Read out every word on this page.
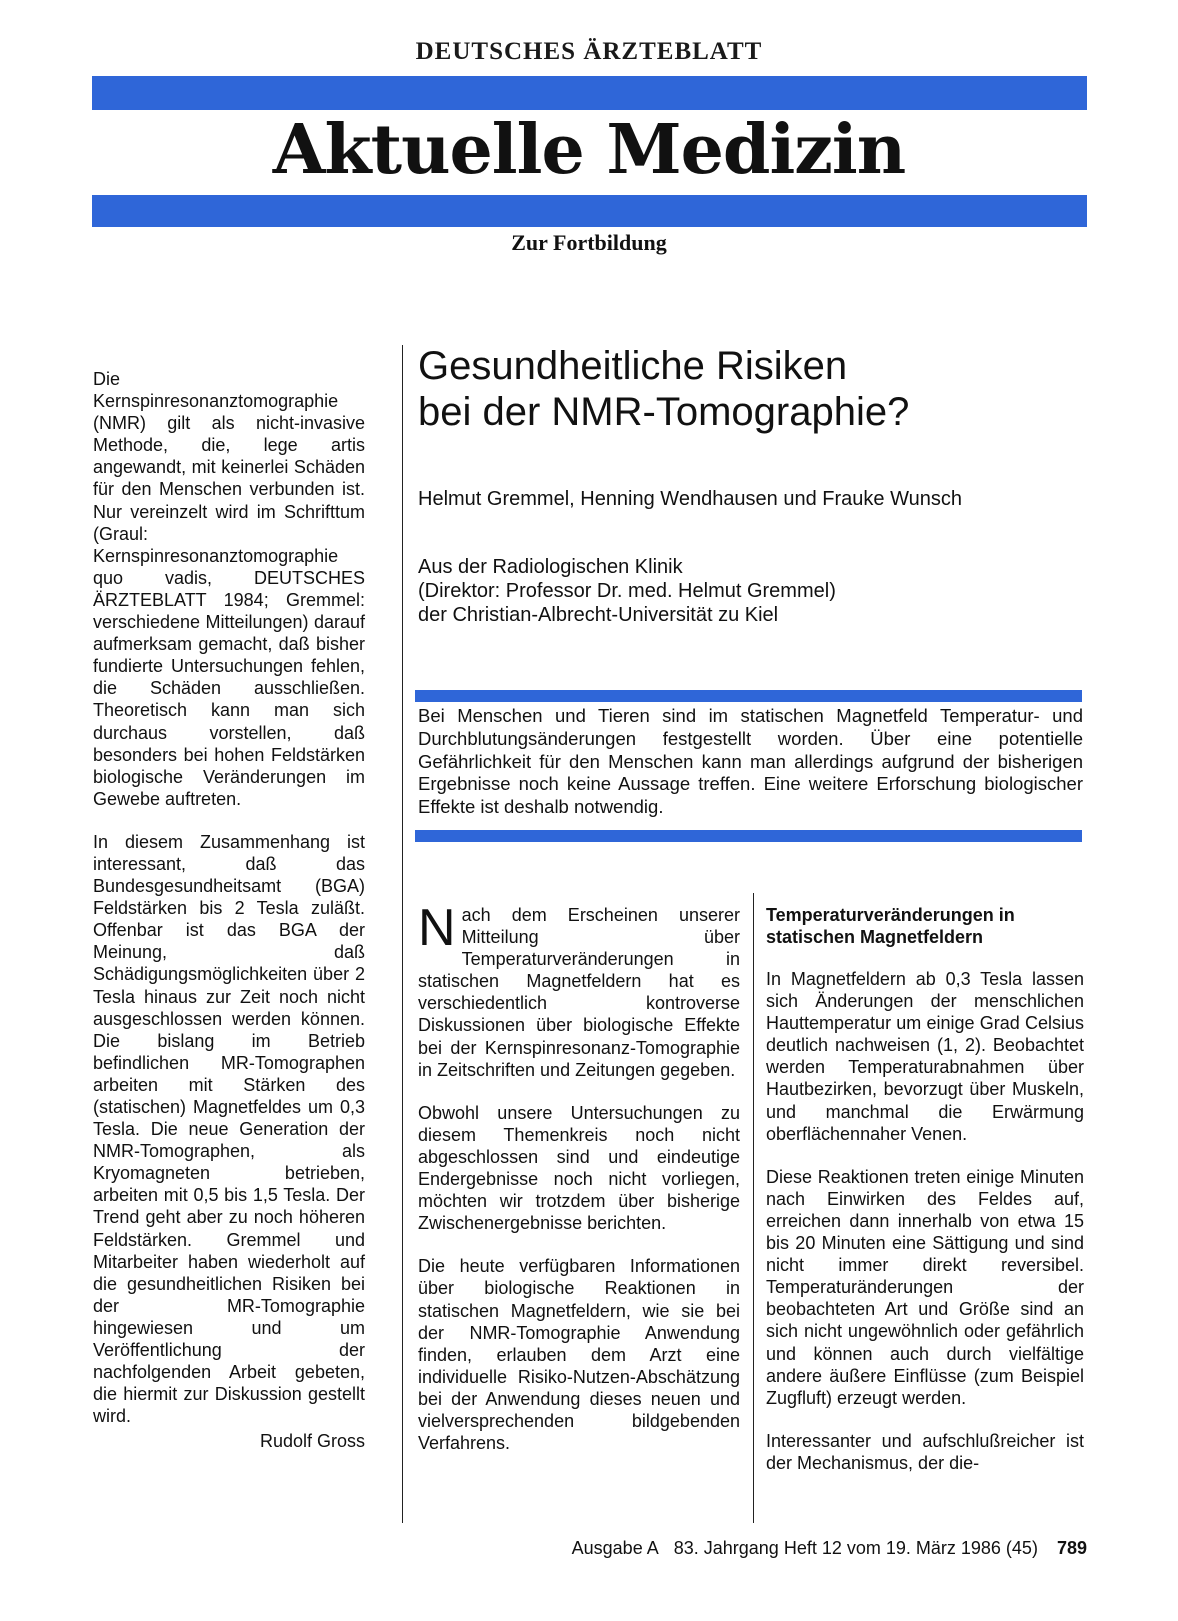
DEUTSCHES ÄRZTEBLATT
Aktuelle Medizin
Zur Fortbildung

Die Kernspinresonanztomographie (NMR) gilt als nicht-invasive Methode, die, lege artis angewandt, mit keinerlei Schäden für den Menschen verbunden ist. Nur vereinzelt wird im Schrifttum (Graul: Kernspinresonanztomographie quo vadis, DEUTSCHES ÄRZTEBLATT 1984; Gremmel: verschiedene Mitteilungen) darauf aufmerksam gemacht, daß bisher fundierte Untersuchungen fehlen, die Schäden ausschließen. Theoretisch kann man sich durchaus vorstellen, daß besonders bei hohen Feldstärken biologische Veränderungen im Gewebe auftreten.

In diesem Zusammenhang ist interessant, daß das Bundesgesundheitsamt (BGA) Feldstärken bis 2 Tesla zuläßt. Offenbar ist das BGA der Meinung, daß Schädigungsmöglichkeiten über 2 Tesla hinaus zur Zeit noch nicht ausgeschlossen werden können. Die bislang im Betrieb befindlichen MR-Tomographen arbeiten mit Stärken des (statischen) Magnetfeldes um 0,3 Tesla. Die neue Generation der NMR-Tomographen, als Kryomagneten betrieben, arbeiten mit 0,5 bis 1,5 Tesla. Der Trend geht aber zu noch höheren Feldstärken. Gremmel und Mitarbeiter haben wiederholt auf die gesundheitlichen Risiken bei der MR-Tomographie hingewiesen und um Veröffentlichung der nachfolgenden Arbeit gebeten, die hiermit zur Diskussion gestellt wird.

Rudolf Gross
Gesundheitliche Risiken
bei der NMR-Tomographie?
Helmut Gremmel, Henning Wendhausen und Frauke Wunsch
Aus der Radiologischen Klinik
(Direktor: Professor Dr. med. Helmut Gremmel)
der Christian-Albrecht-Universität zu Kiel
Bei Menschen und Tieren sind im statischen Magnetfeld Temperatur- und Durchblutungsänderungen festgestellt worden. Über eine potentielle Gefährlichkeit für den Menschen kann man allerdings aufgrund der bisherigen Ergebnisse noch keine Aussage treffen. Eine weitere Erforschung biologischer Effekte ist deshalb notwendig.

Nach dem Erscheinen unserer Mitteilung über Temperaturveränderungen in statischen Magnetfeldern hat es verschiedentlich kontroverse Diskussionen über biologische Effekte bei der Kernspinresonanz-Tomographie in Zeitschriften und Zeitungen gegeben.

Obwohl unsere Untersuchungen zu diesem Themenkreis noch nicht abgeschlossen sind und eindeutige Endergebnisse noch nicht vorliegen, möchten wir trotzdem über bisherige Zwischenergebnisse berichten.

Die heute verfügbaren Informationen über biologische Reaktionen in statischen Magnetfeldern, wie sie bei der NMR-Tomographie Anwendung finden, erlauben dem Arzt eine individuelle Risiko-Nutzen-Abschätzung bei der Anwendung dieses neuen und vielversprechenden bildgebenden Verfahrens.

Temperaturveränderungen in statischen Magnetfeldern

In Magnetfeldern ab 0,3 Tesla lassen sich Änderungen der menschlichen Hauttemperatur um einige Grad Celsius deutlich nachweisen (1, 2). Beobachtet werden Temperaturabnahmen über Hautbezirken, bevorzugt über Muskeln, und manchmal die Erwärmung oberflächennaher Venen.

Diese Reaktionen treten einige Minuten nach Einwirken des Feldes auf, erreichen dann innerhalb von etwa 15 bis 20 Minuten eine Sättigung und sind nicht immer direkt reversibel. Temperaturänderungen der beobachteten Art und Größe sind an sich nicht ungewöhnlich oder gefährlich und können auch durch vielfältige andere äußere Einflüsse (zum Beispiel Zugfluft) erzeugt werden.

Interessanter und aufschlußreicher ist der Mechanismus, der die-

Ausgabe A 83. Jahrgang Heft 12 vom 19. März 1986 (45) 789
